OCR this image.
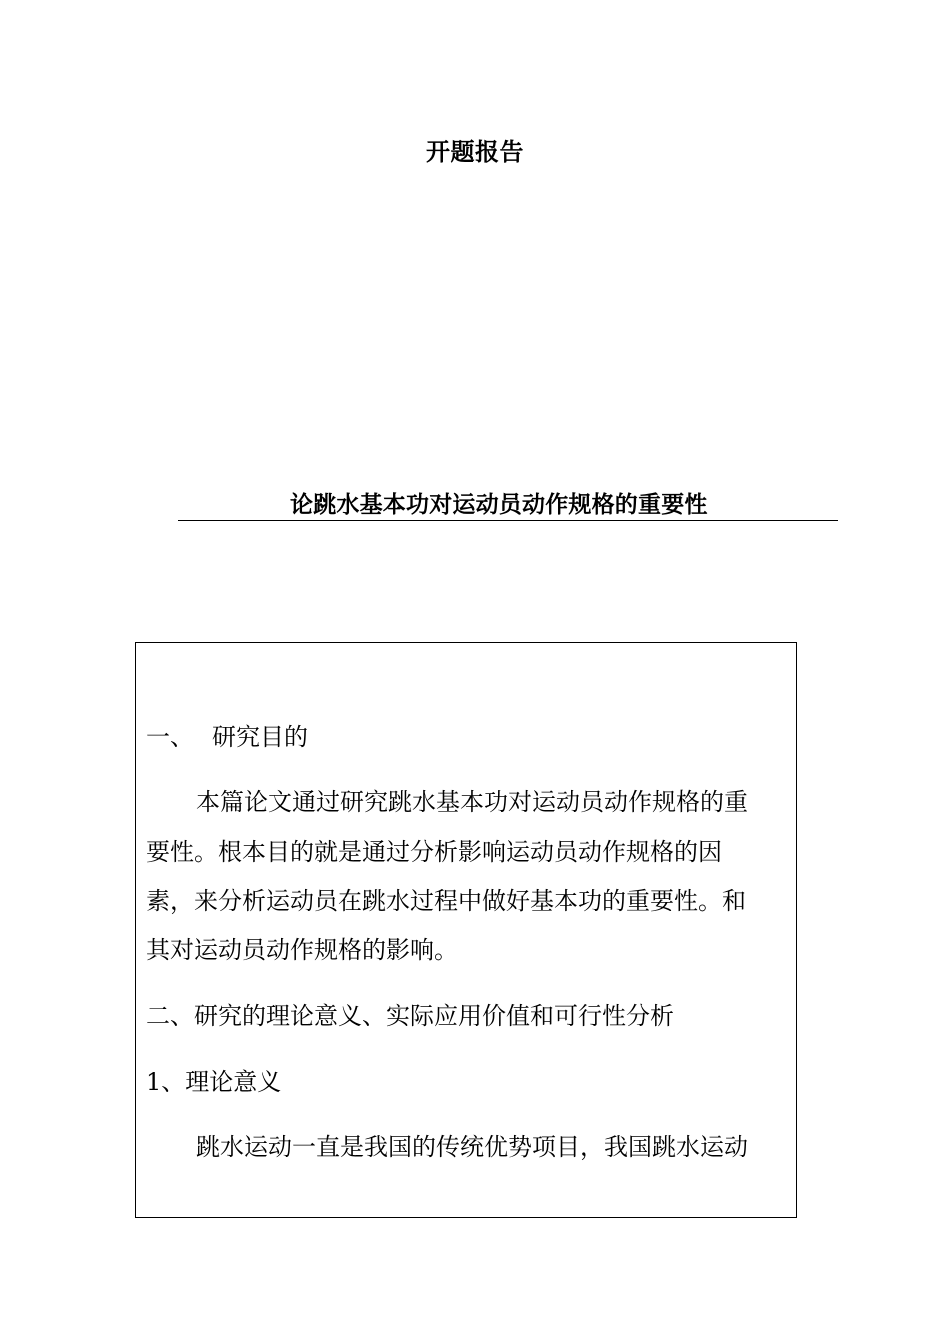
开题报告
论跳水基本功对运动员动作规格的重要性
一、 研究目的
本篇论文通过研究跳水基本功对运动员动作规格的重
要性。根本目的就是通过分析影响运动员动作规格的因
素，来分析运动员在跳水过程中做好基本功的重要性。和
其对运动员动作规格的影响。
二、研究的理论意义、实际应用价值和可行性分析
1、理论意义
跳水运动一直是我国的传统优势项目，我国跳水运动
